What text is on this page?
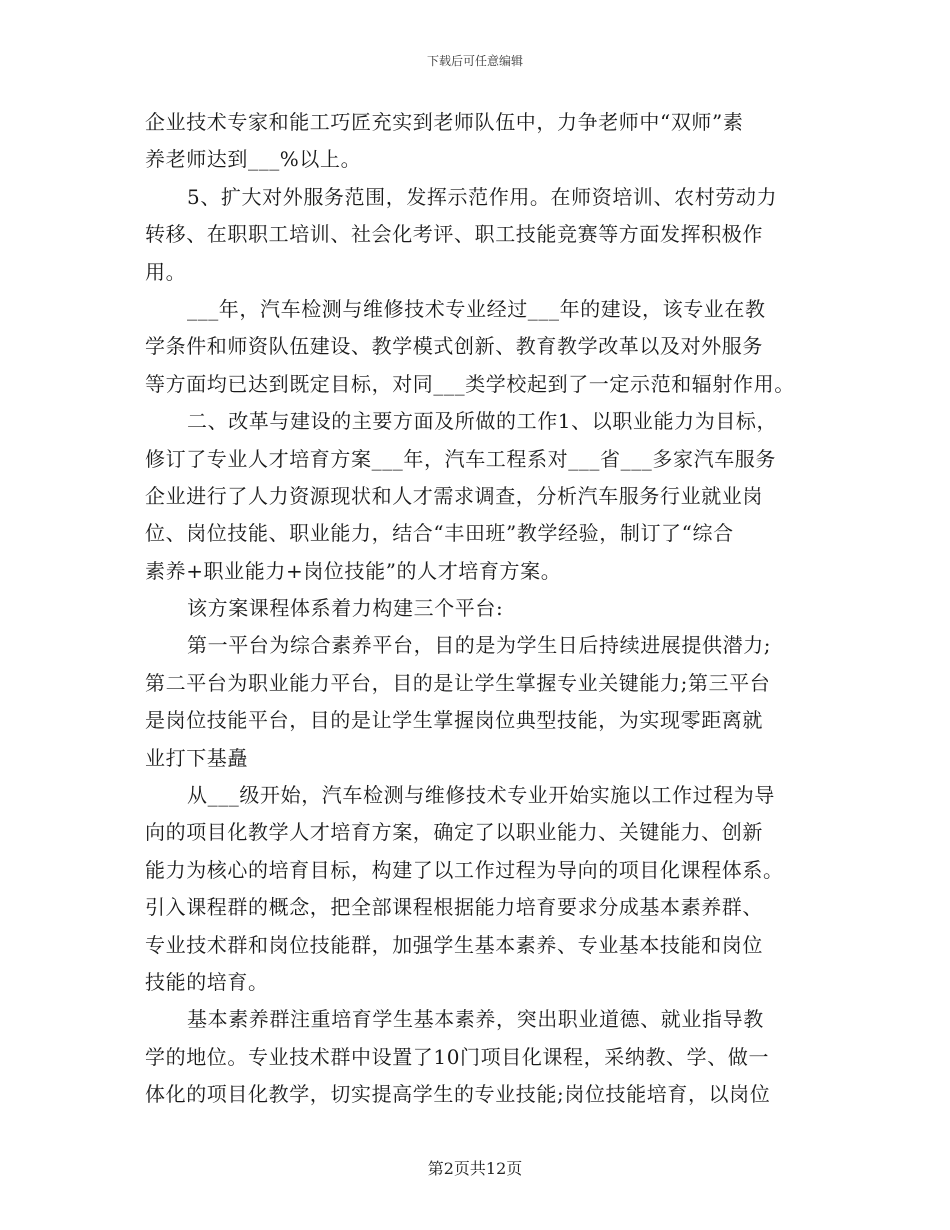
下载后可任意编辑
企业技术专家和能工巧匠充实到老师队伍中，力争老师中“双师”素
养老师达到___%以上。
5、扩大对外服务范围，发挥示范作用。在师资培训、农村劳动力
转移、在职职工培训、社会化考评、职工技能竞赛等方面发挥积极作
用。
___年，汽车检测与维修技术专业经过___年的建设，该专业在教
学条件和师资队伍建设、教学模式创新、教育教学改革以及对外服务
等方面均已达到既定目标，对同___类学校起到了一定示范和辐射作用。
二、改革与建设的主要方面及所做的工作1、以职业能力为目标，
修订了专业人才培育方案___年，汽车工程系对___省___多家汽车服务
企业进行了人力资源现状和人才需求调查，分析汽车服务行业就业岗
位、岗位技能、职业能力，结合“丰田班”教学经验，制订了“综合
素养+职业能力+岗位技能”的人才培育方案。
该方案课程体系着力构建三个平台:
第一平台为综合素养平台，目的是为学生日后持续进展提供潜力;
第二平台为职业能力平台，目的是让学生掌握专业关键能力;第三平台
是岗位技能平台，目的是让学生掌握岗位典型技能，为实现零距离就
业打下基矗
从___级开始，汽车检测与维修技术专业开始实施以工作过程为导
向的项目化教学人才培育方案，确定了以职业能力、关键能力、创新
能力为核心的培育目标，构建了以工作过程为导向的项目化课程体系。
引入课程群的概念，把全部课程根据能力培育要求分成基本素养群、
专业技术群和岗位技能群，加强学生基本素养、专业基本技能和岗位
技能的培育。
基本素养群注重培育学生基本素养，突出职业道德、就业指导教
学的地位。专业技术群中设置了10门项目化课程，采纳教、学、做一
体化的项目化教学，切实提高学生的专业技能;岗位技能培育，以岗位
第2页共12页
